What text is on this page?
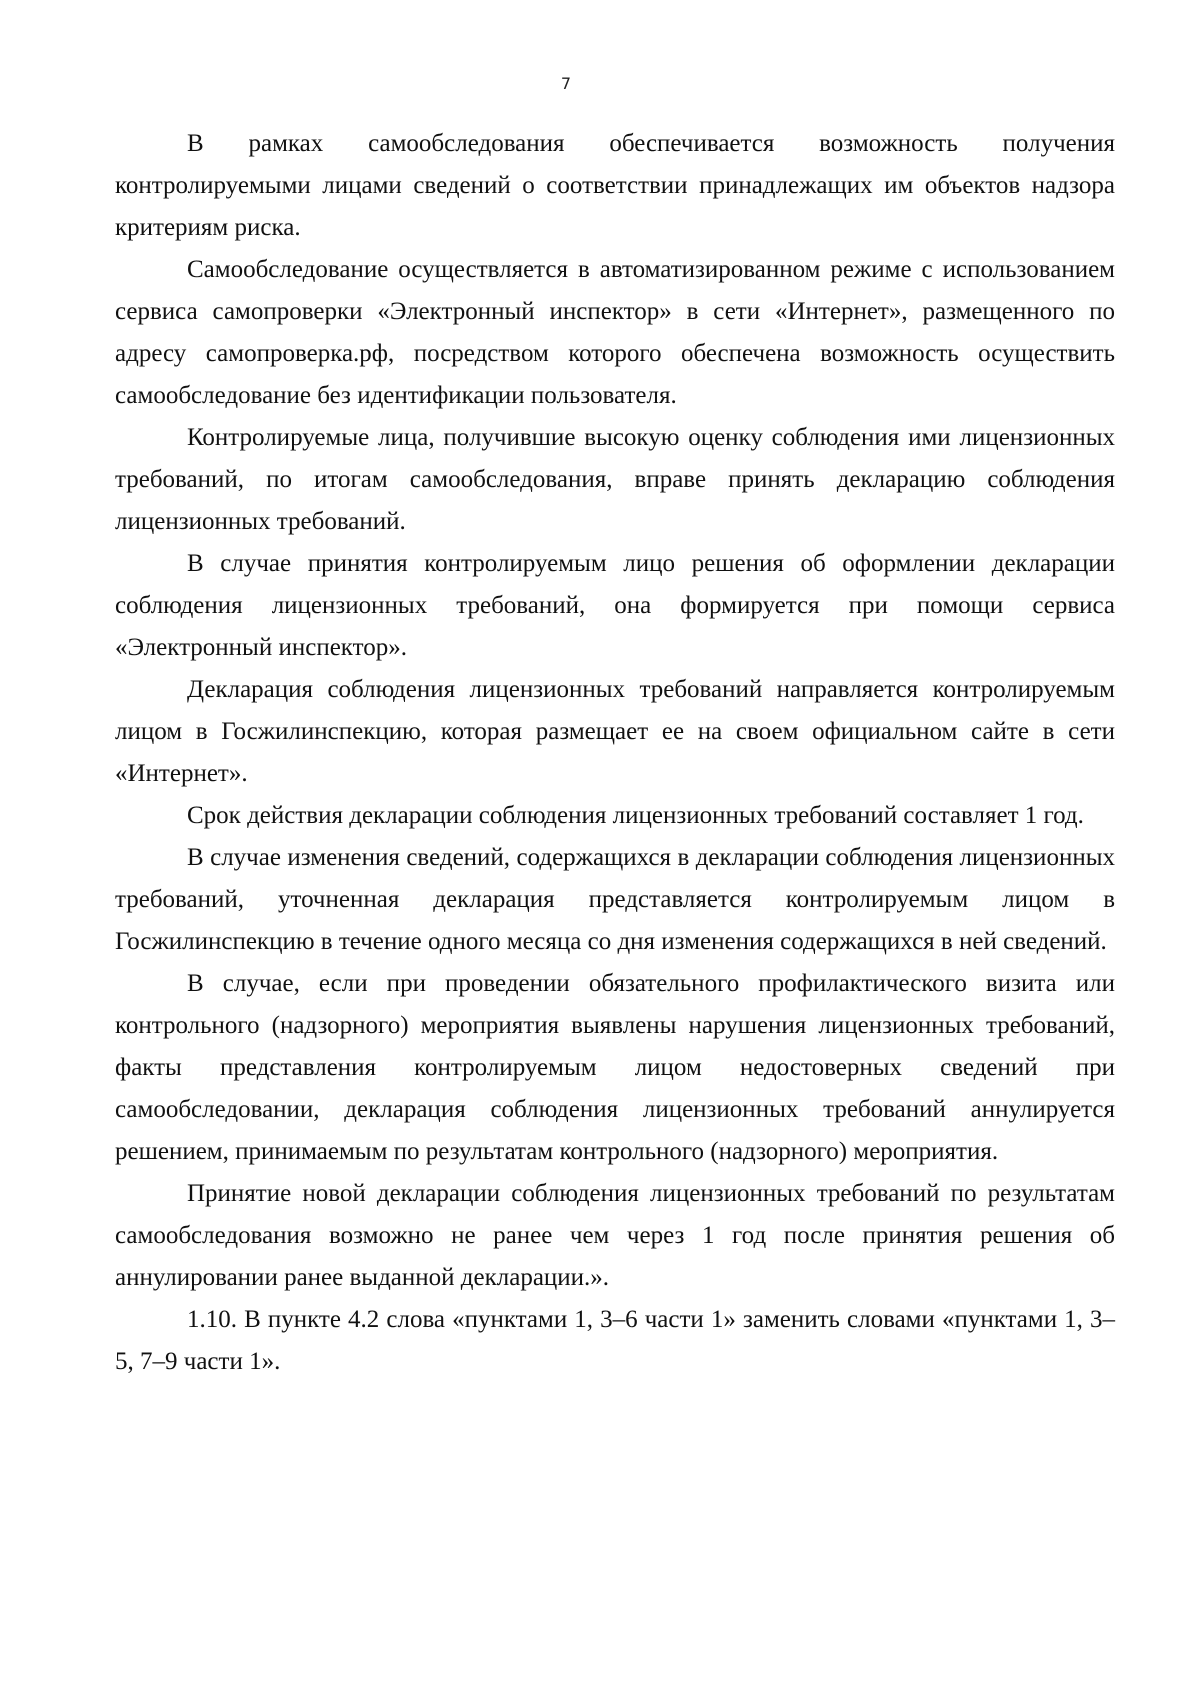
7

В рамках самообследования обеспечивается возможность получения контролируемыми лицами сведений о соответствии принадлежащих им объектов надзора критериям риска.

Самообследование осуществляется в автоматизированном режиме с использованием сервиса самопроверки «Электронный инспектор» в сети «Интернет», размещенного по адресу самопроверка.рф, посредством которого обеспечена возможность осуществить самообследование без идентификации пользователя.

Контролируемые лица, получившие высокую оценку соблюдения ими лицензионных требований, по итогам самообследования, вправе принять декларацию соблюдения лицензионных требований.

В случае принятия контролируемым лицо решения об оформлении декларации соблюдения лицензионных требований, она формируется при помощи сервиса «Электронный инспектор».

Декларация соблюдения лицензионных требований направляется контролируемым лицом в Госжилинспекцию, которая размещает ее на своем официальном сайте в сети «Интернет».

Срок действия декларации соблюдения лицензионных требований составляет 1 год.

В случае изменения сведений, содержащихся в декларации соблюдения лицензионных требований, уточненная декларация представляется контролируемым лицом в Госжилинспекцию в течение одного месяца со дня изменения содержащихся в ней сведений.

В случае, если при проведении обязательного профилактического визита или контрольного (надзорного) мероприятия выявлены нарушения лицензионных требований, факты представления контролируемым лицом недостоверных сведений при самообследовании, декларация соблюдения лицензионных требований аннулируется решением, принимаемым по результатам контрольного (надзорного) мероприятия.

Принятие новой декларации соблюдения лицензионных требований по результатам самообследования возможно не ранее чем через 1 год после принятия решения об аннулировании ранее выданной декларации.».

1.10. В пункте 4.2 слова «пунктами 1, 3–6 части 1» заменить словами «пунктами 1, 3–5, 7–9 части 1».
